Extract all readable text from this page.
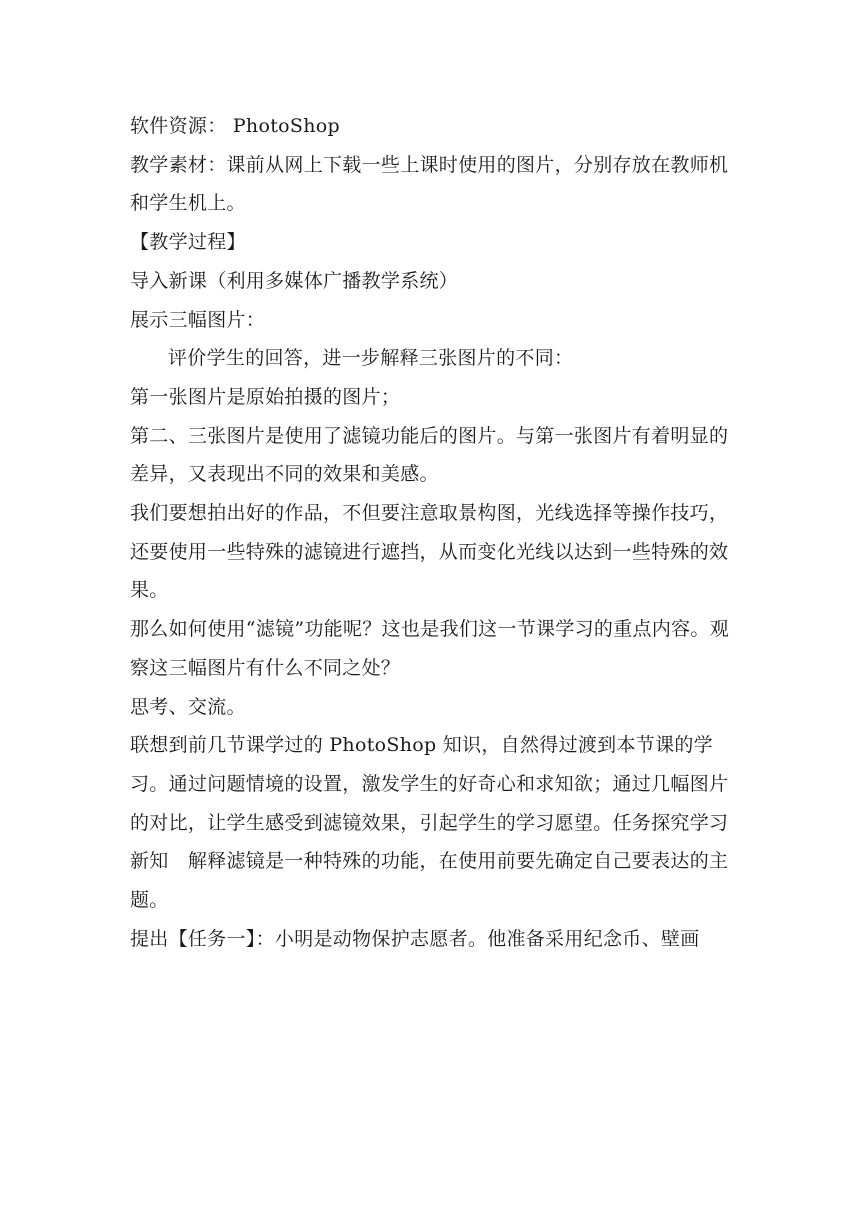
软件资源： PhotoShop

教学素材：课前从网上下载一些上课时使用的图片，分别存放在教师机和学生机上。

【教学过程】

导入新课（利用多媒体广播教学系统）

展示三幅图片：

评价学生的回答，进一步解释三张图片的不同：

第一张图片是原始拍摄的图片；

第二、三张图片是使用了滤镜功能后的图片。与第一张图片有着明显的差异，又表现出不同的效果和美感。

我们要想拍出好的作品，不但要注意取景构图，光线选择等操作技巧，还要使用一些特殊的滤镜进行遮挡，从而变化光线以达到一些特殊的效果。

那么如何使用“滤镜”功能呢？这也是我们这一节课学习的重点内容。观察这三幅图片有什么不同之处？

思考、交流。

联想到前几节课学过的 PhotoShop 知识，自然得过渡到本节课的学习。通过问题情境的设置，激发学生的好奇心和求知欲；通过几幅图片的对比，让学生感受到滤镜效果，引起学生的学习愿望。任务探究学习新知　解释滤镜是一种特殊的功能，在使用前要先确定自己要表达的主题。

提出【任务一】：小明是动物保护志愿者。他准备采用纪念币、壁画
